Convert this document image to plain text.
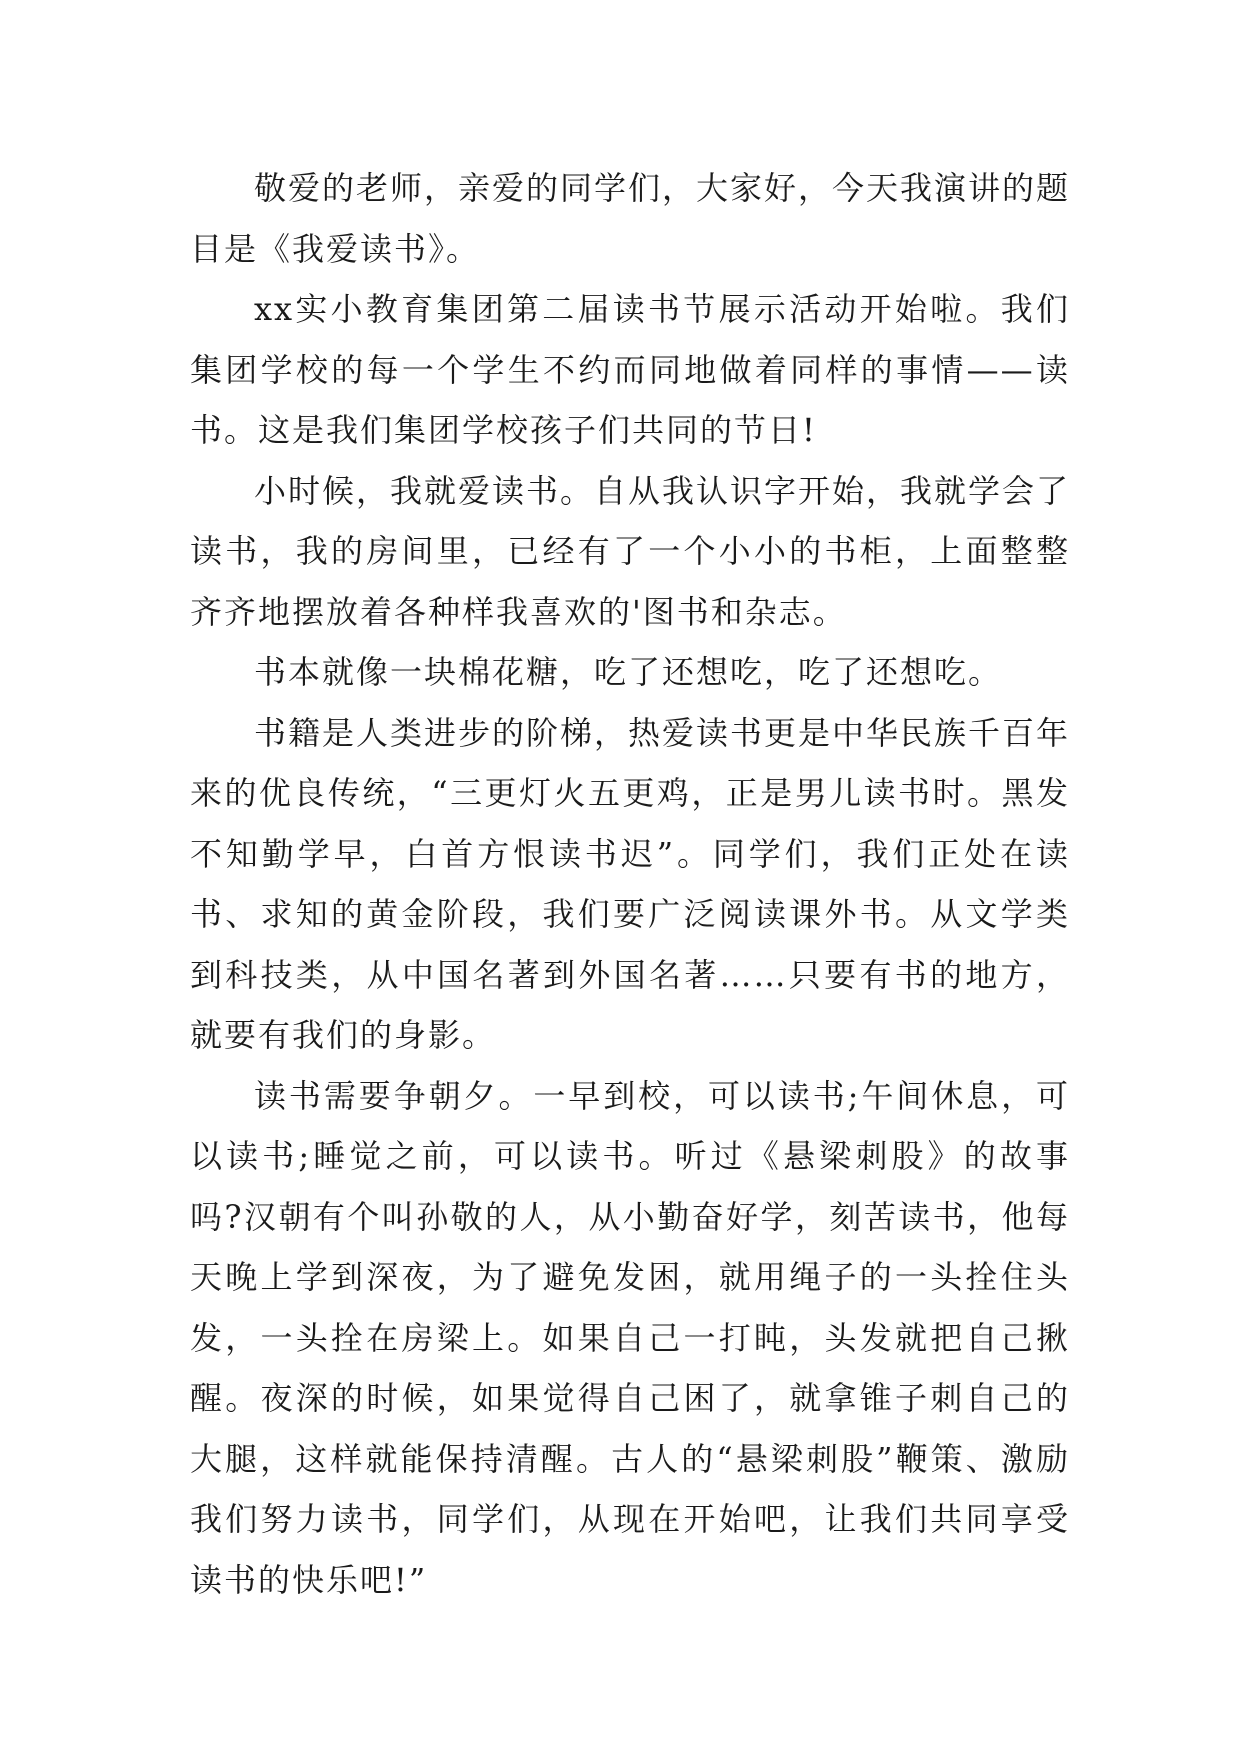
敬爱的老师，亲爱的同学们，大家好，今天我演讲的题目是《我爱读书》。

xx实小教育集团第二届读书节展示活动开始啦。我们集团学校的每一个学生不约而同地做着同样的事情——读书。这是我们集团学校孩子们共同的节日!

小时候，我就爱读书。自从我认识字开始，我就学会了读书，我的房间里，已经有了一个小小的书柜，上面整整齐齐地摆放着各种样我喜欢的'图书和杂志。

书本就像一块棉花糖，吃了还想吃，吃了还想吃。

书籍是人类进步的阶梯，热爱读书更是中华民族千百年来的优良传统，“三更灯火五更鸡，正是男儿读书时。黑发不知勤学早，白首方恨读书迟”。同学们，我们正处在读书、求知的黄金阶段，我们要广泛阅读课外书。从文学类到科技类，从中国名著到外国名著……只要有书的地方，就要有我们的身影。

读书需要争朝夕。一早到校，可以读书;午间休息，可以读书;睡觉之前，可以读书。听过《悬梁刺股》的故事吗?汉朝有个叫孙敬的人，从小勤奋好学，刻苦读书，他每天晚上学到深夜，为了避免发困，就用绳子的一头拴住头发，一头拴在房梁上。如果自己一打盹，头发就把自己揪醒。夜深的时候，如果觉得自己困了，就拿锥子刺自己的大腿，这样就能保持清醒。古人的“悬梁刺股”鞭策、激励我们努力读书，同学们，从现在开始吧，让我们共同享受读书的快乐吧!”
